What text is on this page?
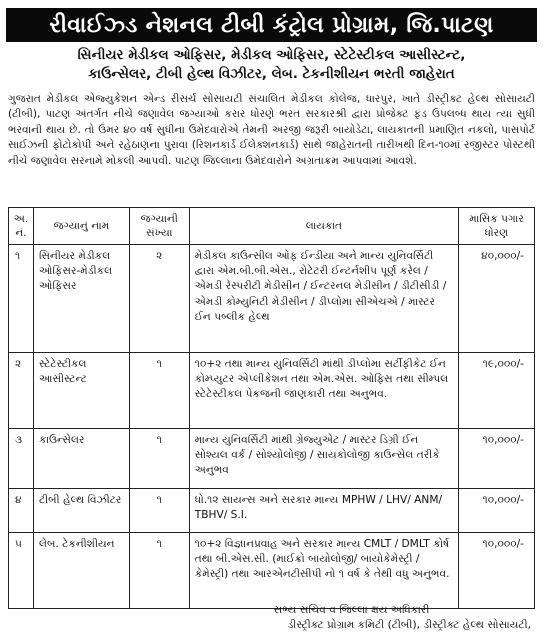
રીવાઈઝ્ડ નેશનલ ટીબી કંટ્રોલ પ્રોગ્રામ, જિ.પાટણ
સિનીયર મેડીકલ ઓફિસર, મેડીકલ ઓફિસર, સ્ટેટેસ્ટીકલ આસીસ્ટન્ટ,
કાઉન્સેલર, ટીબી હેલ્થ વિઝીટર, લેબ. ટેકનીશીયન ભરતી જાહેરાત
ગુજરાત મેડીકલ એજ્યુકેશન એન્ડ રીસર્ચ સોસાયટી સંચાલિત મેડીકલ કોલેજ, ધારપુર, ખાતે ડીસ્ટ્રીક્ટ હેલ્થ સોસાયટી (ટીબી), પાટણ અંતર્ગત નીચે જણાવેલ જગ્યાઓ કરાર ધોરણે ભરત સરકારશ્રી દ્વારા પ્રોજેક્ટ ફંડ ઉપલબ્ધ થાય ત્યાં સુધી ભરવાની થાય છે. તો ઉંમર ૪૦ વર્ષ સુધીના ઉમેદવારોએ તેમની અરજી જરૂરી બાયોડેટા, લાયકાતની પ્રમાણિત નકલો, પાસપોર્ટ સાઈઝની ફોટોકોપી અને રહેઠાણના પુરાવા (રિશનકાર્ડ ઈલેક્શનકાર્ડ) સાથે જાહેરાતની તારીખથી દિન-૧૦માં રજીસ્ટર પોસ્ટથી નીચે જણાવેલ સરનામે મોકલી આપવી. પાટણ જિલ્લાના ઉમેદવારોને અગ્રતાક્રમ આપવામાં આવશે.
અ. નં.	જગ્યાનું નામ	જગ્યાની સંખ્યા	લાયકાત	માસિક પગાર ધોરણ
૧	સિનીયર મેડીકલ ઓફિસર-મેડીકલ ઓફિસર	૨	મેડીકલ કાઉન્સીલ ઓફ ઈન્ડીયા અને માન્ય યુનિવર્સિટી દ્વારા એમ.બી.બી.એસ., રોટેટરી ઈન્ટર્નશીપ પૂર્ણ કરેલ / એમડી રેસ્પરીટી મેડીસીન / ઈન્ટરનલ મેડીસીન / ડીટીસીડી / એમડી કોમ્યુનિટી મેડીસીન / ડીપ્લોમા સીએચએ / માસ્ટર ઈન પબ્લીક હેલ્થ	૪૦,૦૦૦/-
૨	સ્ટેટેસ્ટીકલ આસીસ્ટન્ટ	૧	૧૦+૨ તથા માન્ય યુનિવર્સિટી માંથી ડીપ્લોમા સર્ટીફીકેટ ઈન કોમ્પ્યુટર એપ્લીકેશન તથા એમ.એસ. ઓફિસ તથા સીમ્પલ સ્ટેટેસ્ટીકલ પેકજની જાણકારી તથા અનુભવ.	૧૯,૦૦૦/-
૩	કાઉન્સેલર	૧	માન્ય યુનિવર્સિટી માંથી ગ્રેજ્યુએટ / માસ્ટર ડિગ્રી ઈન સોશ્યલ વર્ક / સોશ્યોલોજી / સાયકોલોજી કાઉન્સેલ તરીકે અનુભવ	૧૦,૦૦૦/-
૪	ટીબી હેલ્થ વિઝીટર	૧	ધો.૧૨ સાયન્સ અને સરકાર માન્ય MPHW / LHV/ ANM/ TBHV/ S.I.	૧૦,૦૦૦/-
૫	લેબ. ટેકનીશીયન	૧	૧૦+૨ વિજ્ઞાનપ્રવાહ અને સરકાર માન્ય CMLT / DMLT કોર્ષ તથા બી.એસ.સી. (માઈક્રો બાયોલોજી/ બાયોકેમેસ્ટ્રી / કેમેસ્ટ્રી) તથા આરએનટીસીપી નો ૧ વર્ષ કે તેથી વધુ અનુભવ.	૧૦,૦૦૦/-
સભ્ય સચિવ વ જિલ્લા ક્ષય અધિકારી
ડીસ્ટ્રીક્ટ પ્રોગ્રામ કમિટી (ટીબી), ડીસ્ટ્રીક્ટ હેલ્થ સોસાયટી,
